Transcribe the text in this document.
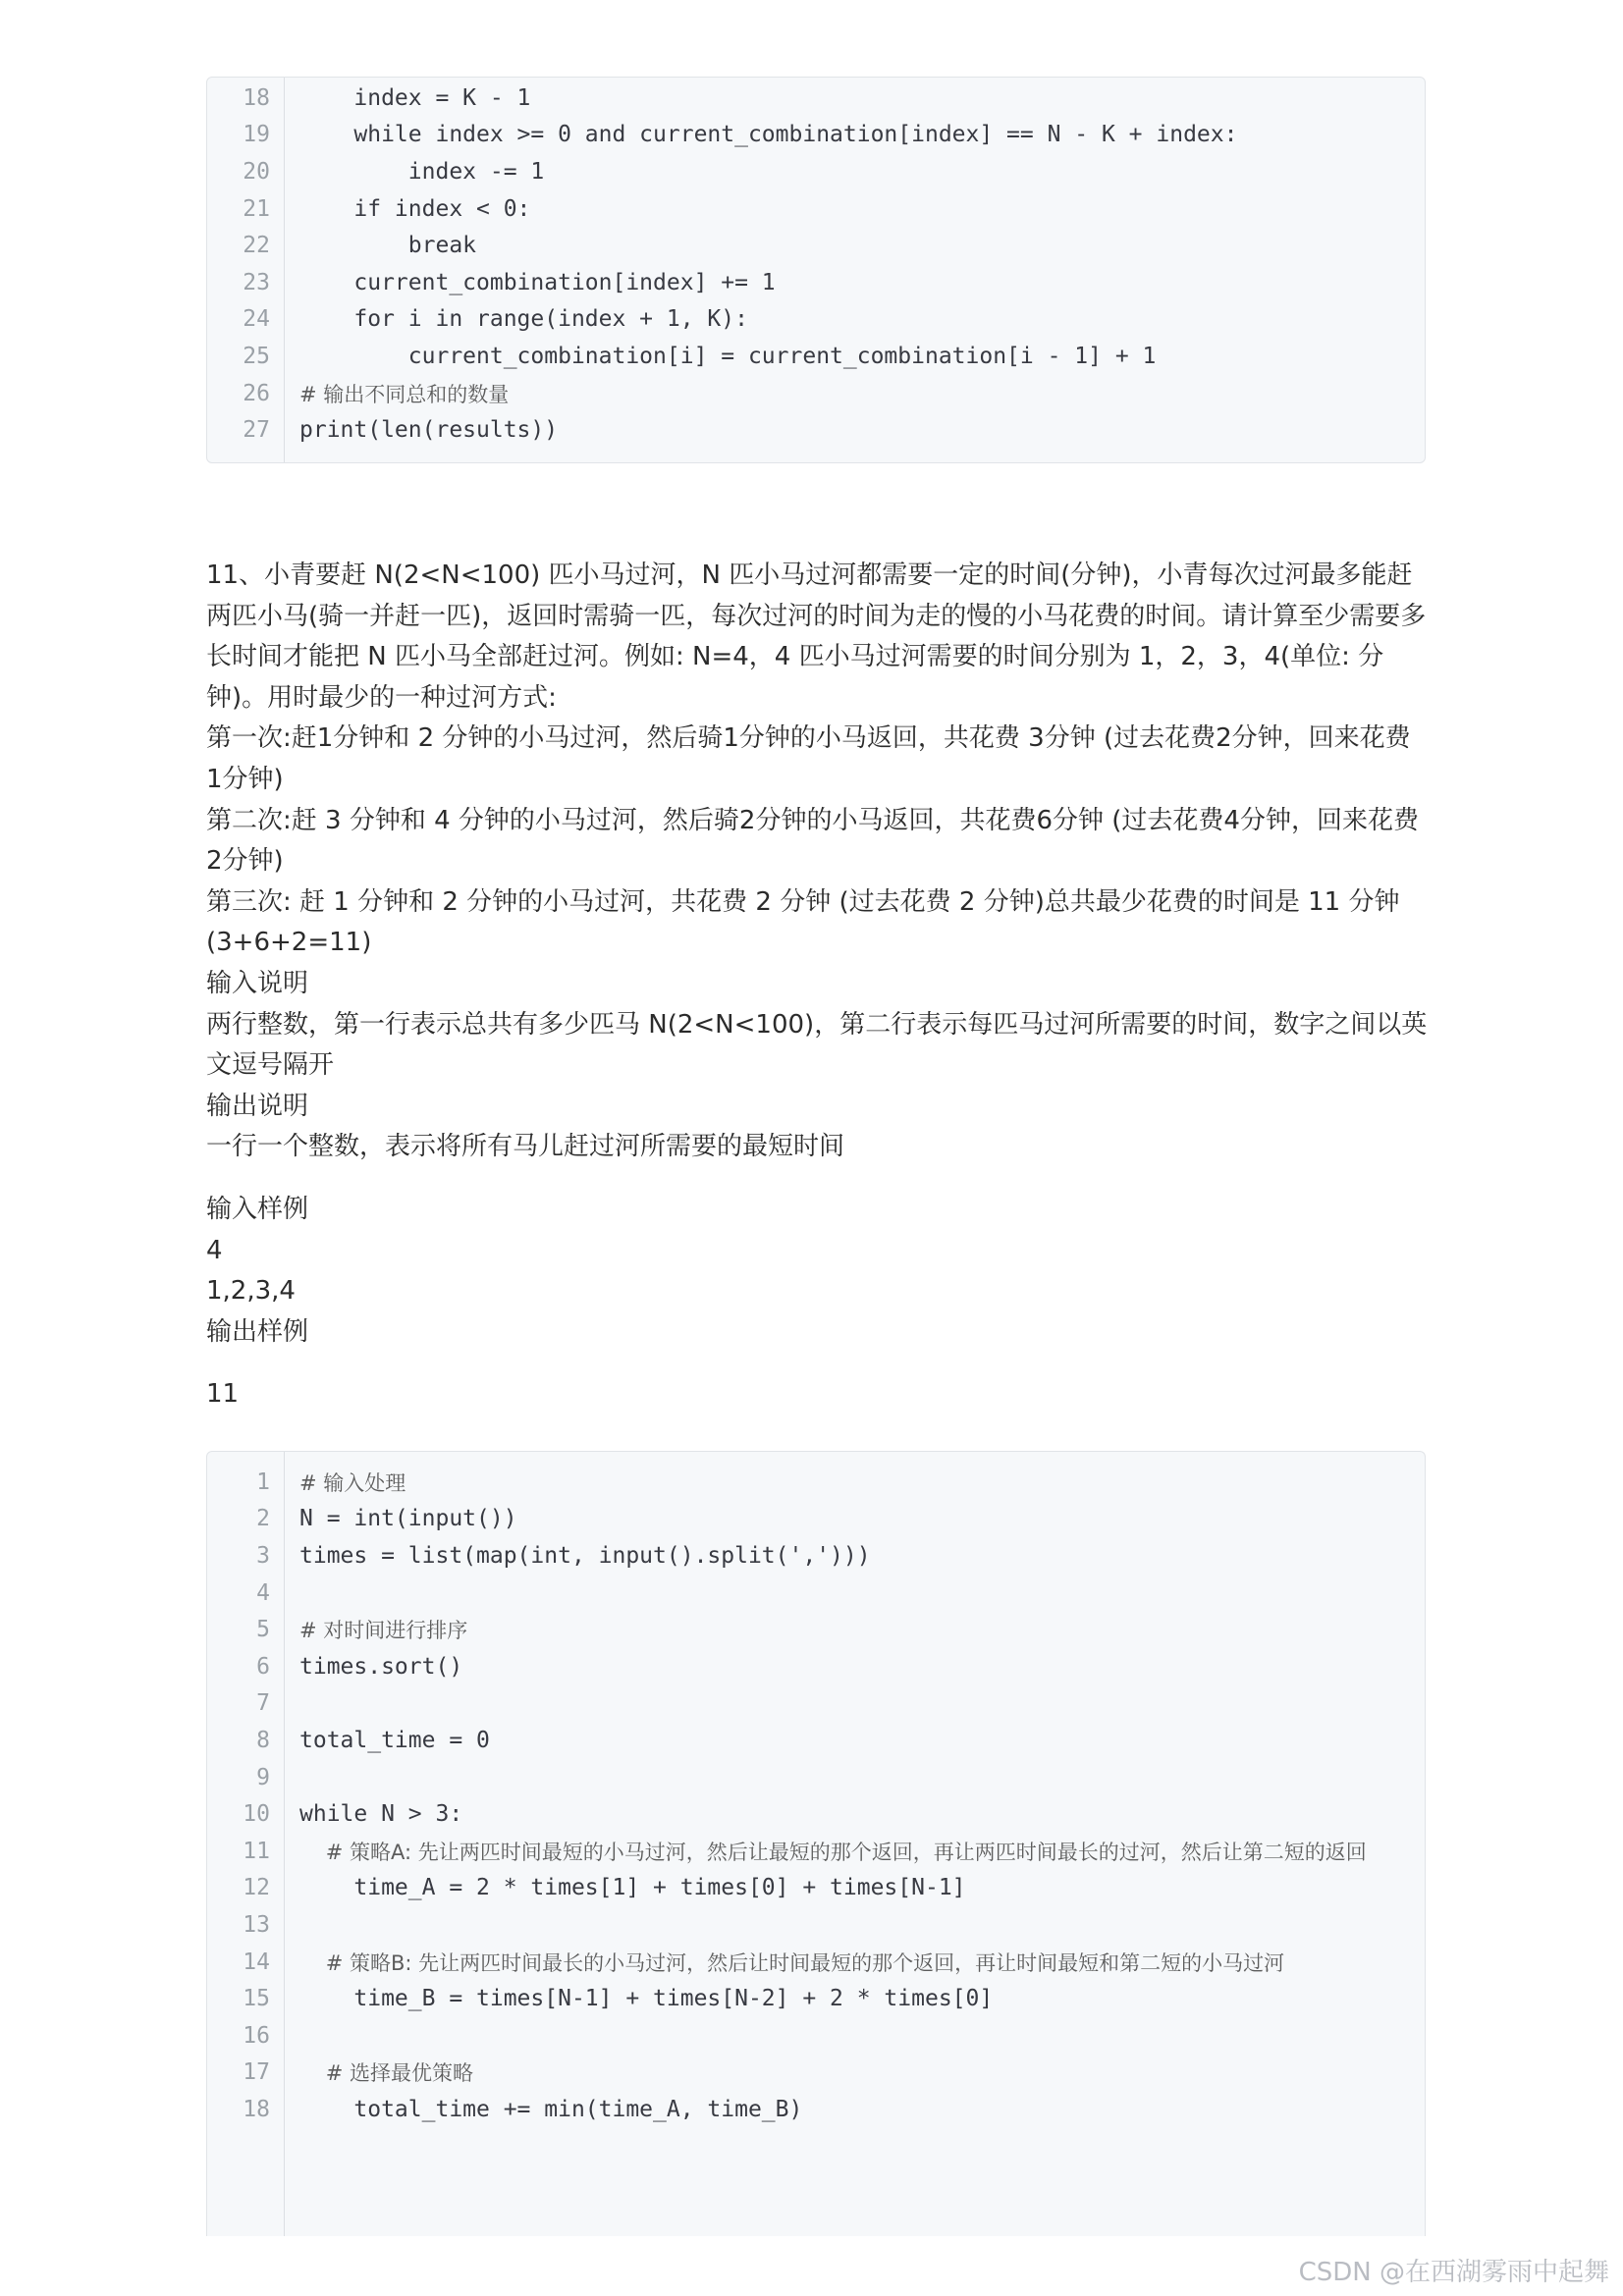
18	index = K - 1
19	while index >= 0 and current_combination[index] == N - K + index:
20	index -= 1
21	if index < 0:
22	break
23	current_combination[index] += 1
24	for i in range(index + 1, K):
25	current_combination[i] = current_combination[i - 1] + 1
26	# 输出不同总和的数量
27	print(len(results))

11、小青要赶 N(2<N<100) 匹小马过河，N 匹小马过河都需要一定的时间(分钟)，小青每次过河最多能赶两匹小马(骑一并赶一匹)，返回时需骑一匹，每次过河的时间为走的慢的小马花费的时间。请计算至少需要多长时间才能把 N 匹小马全部赶过河。例如: N=4，4 匹小马过河需要的时间分别为 1，2，3，4(单位: 分钟)。用时最少的一种过河方式:

第一次:赶1分钟和 2 分钟的小马过河，然后骑1分钟的小马返回，共花费 3分钟 (过去花费2分钟，回来花费 1分钟)

第二次:赶 3 分钟和 4 分钟的小马过河，然后骑2分钟的小马返回，共花费6分钟 (过去花费4分钟，回来花费 2分钟)

第三次: 赶 1 分钟和 2 分钟的小马过河，共花费 2 分钟 (过去花费 2 分钟)总共最少花费的时间是 11 分钟 (3+6+2=11)

输入说明

两行整数，第一行表示总共有多少匹马 N(2<N<100)，第二行表示每匹马过河所需要的时间，数字之间以英文逗号隔开

输出说明

一行一个整数，表示将所有马儿赶过河所需要的最短时间

输入样例

4

1,2,3,4

输出样例

11

1	# 输入处理
2	N = int(input())
3	times = list(map(int, input().split(',')))
4
5	# 对时间进行排序
6	times.sort()
7
8	total_time = 0
9
10	while N > 3:
11	# 策略A: 先让两匹时间最短的小马过河，然后让最短的那个返回，再让两匹时间最长的过河，然后让第二短的返回
12	time_A = 2 * times[1] + times[0] + times[N-1]
13
14	# 策略B: 先让两匹时间最长的小马过河，然后让时间最短的那个返回，再让时间最短和第二短的小马过河
15	time_B = times[N-1] + times[N-2] + 2 * times[0]
16
17	# 选择最优策略
18	total_time += min(time_A, time_B)
CSDN @在西湖雾雨中起舞
